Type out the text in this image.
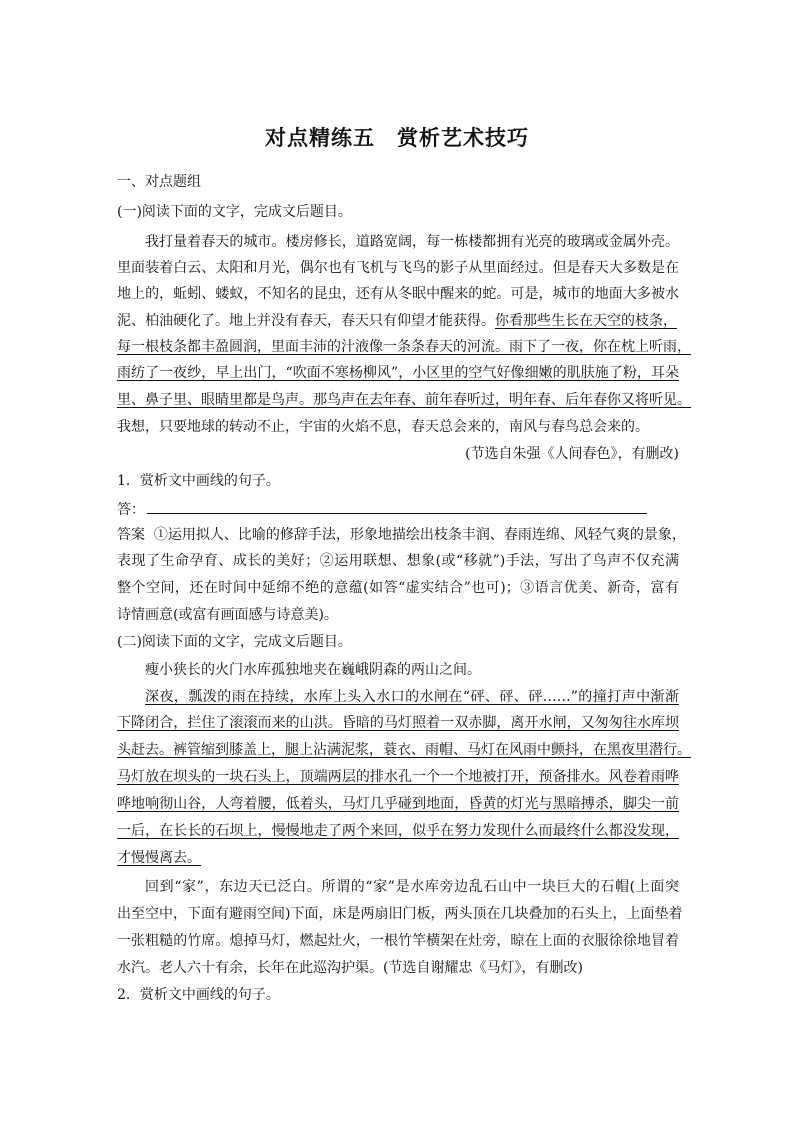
对点精练五　赏析艺术技巧
一、对点题组
(一)阅读下面的文字，完成文后题目。
我打量着春天的城市。楼房修长，道路宽阔，每一栋楼都拥有光亮的玻璃或金属外壳。
里面装着白云、太阳和月光，偶尔也有飞机与飞鸟的影子从里面经过。但是春天大多数是在
地上的，蚯蚓、蝼蚁，不知名的昆虫，还有从冬眠中醒来的蛇。可是，城市的地面大多被水
泥、柏油硬化了。地上并没有春天，春天只有仰望才能获得。你看那些生长在天空的枝条，
每一根枝条都丰盈圆润，里面丰沛的汁液像一条条春天的河流。雨下了一夜，你在枕上听雨，
雨纺了一夜纱，早上出门，“吹面不寒杨柳风”，小区里的空气好像细嫩的肌肤施了粉，耳朵
里、鼻子里、眼睛里都是鸟声。那鸟声在去年春、前年春听过，明年春、后年春你又将听见。
我想，只要地球的转动不止，宇宙的火焰不息，春天总会来的，南风与春鸟总会来的。
(节选自朱强《人间春色》，有删改)
1．赏析文中画线的句子。
答：
答案 ①运用拟人、比喻的修辞手法，形象地描绘出枝条丰润、春雨连绵、风轻气爽的景象，
表现了生命孕育、成长的美好；②运用联想、想象(或“移就”)手法，写出了鸟声不仅充满
整个空间，还在时间中延绵不绝的意蕴(如答“虚实结合”也可)；③语言优美、新奇，富有
诗情画意(或富有画面感与诗意美)。
(二)阅读下面的文字，完成文后题目。
瘦小狭长的火门水库孤独地夹在巍峨阴森的两山之间。
深夜，瓢泼的雨在持续，水库上头入水口的水闸在“砰、砰、砰……”的撞打声中渐渐
下降闭合，拦住了滚滚而来的山洪。昏暗的马灯照着一双赤脚，离开水闸，又匆匆往水库坝
头赶去。裤管缩到膝盖上，腿上沾满泥浆，蓑衣、雨帽、马灯在风雨中颤抖，在黑夜里潜行。
马灯放在坝头的一块石头上，顶端两层的排水孔一个一个地被打开，预备排水。风卷着雨哗
哗地响彻山谷，人弯着腰，低着头，马灯几乎碰到地面，昏黄的灯光与黑暗搏杀，脚尖一前
一后，在长长的石坝上，慢慢地走了两个来回，似乎在努力发现什么而最终什么都没发现，
才慢慢离去。
回到“家”，东边天已泛白。所谓的“家”是水库旁边乱石山中一块巨大的石帽(上面突
出至空中，下面有避雨空间)下面，床是两扇旧门板，两头顶在几块叠加的石头上，上面垫着
一张粗糙的竹席。熄掉马灯，燃起灶火，一根竹竿横架在灶旁，晾在上面的衣服徐徐地冒着
水汽。老人六十有余，长年在此巡沟护渠。(节选自谢耀忠《马灯》，有删改)
2．赏析文中画线的句子。
